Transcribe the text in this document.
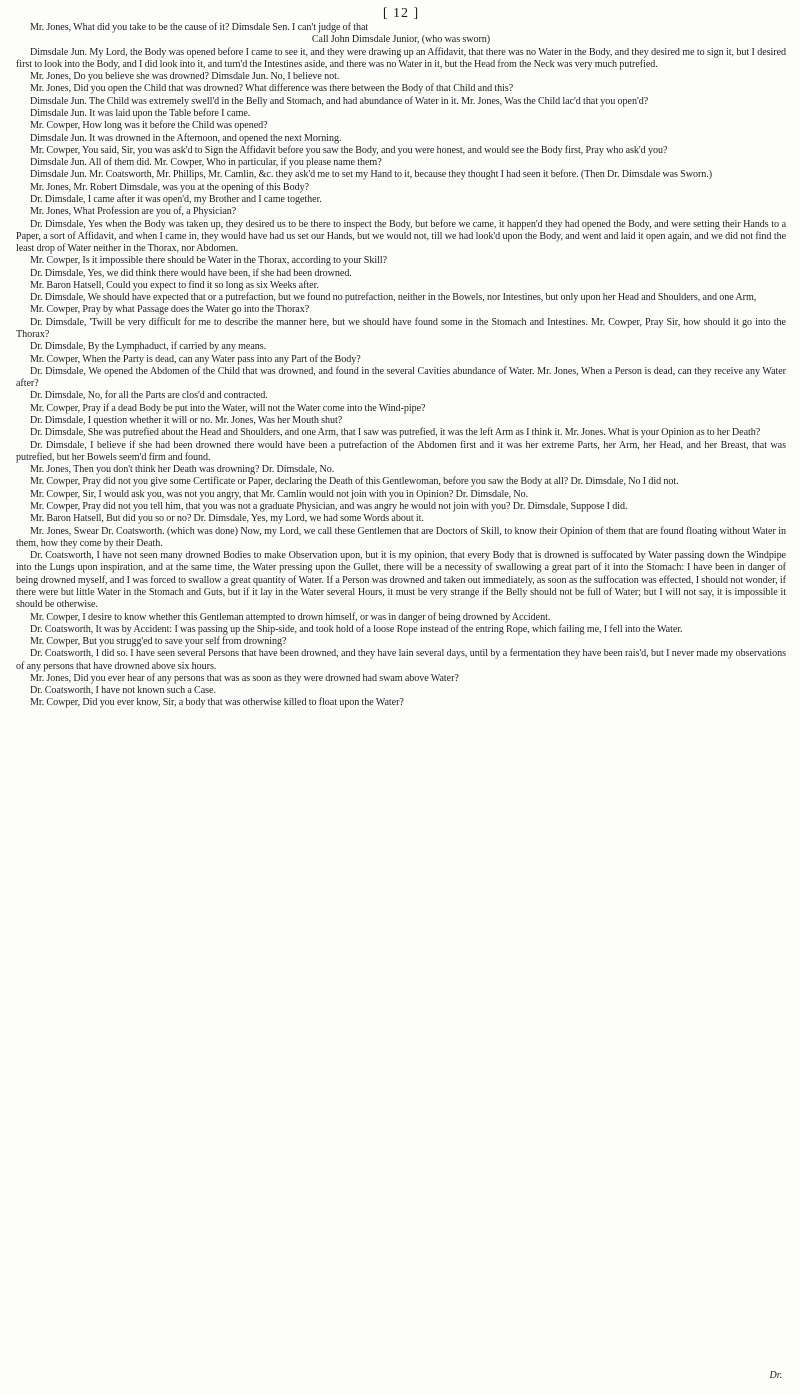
[ 12 ]

Mr. Jones, What did you take to be the cause of it? Dimsdale Sen. I can't judge of that

Call John Dimsdale Junior, (who was sworn)

Dimsdale Jun. My Lord, the Body was opened before I came to see it, and they were drawing up an Affidavit, that there was no Water in the Body, and they desired me to sign it, but I desired first to look into the Body, and I did look into it, and turn'd the Intestines aside, and there was no Water in it, but the Head from the Neck was very much putrefied.

Mr. Jones, Do you believe she was drowned? Dimsdale Jun. No, I believe not.

Mr. Jones, Did you open the Child that was drowned? What difference was there between the Body of that Child and this?

Dimsdale Jun. The Child was extremely swell'd in the Belly and Stomach, and had abundance of Water in it. Mr. Jones, Was the Child lac'd that you open'd?

Dimsdale Jun. It was laid upon the Table before I came.

Mr. Cowper, How long was it before the Child was opened?

Dimsdale Jun. It was drowned in the Afternoon, and opened the next Morning.

Mr. Cowper, You said, Sir, you was ask'd to Sign the Affidavit before you saw the Body, and you were honest, and would see the Body first, Pray who ask'd you?

Dimsdale Jun. All of them did. Mr. Cowper, Who in particular, if you please name them?

Dimsdale Jun. Mr. Coatsworth, Mr. Phillips, Mr. Camlin, &c. they ask'd me to set my Hand to it, because they thought I had seen it before. (Then Dr. Dimsdale was Sworn.)

Mr. Jones, Mr. Robert Dimsdale, was you at the opening of this Body?

Dr. Dimsdale, I came after it was open'd, my Brother and I came together.

Mr. Jones, What Profession are you of, a Physician?

Dr. Dimsdale, Yes when the Body was taken up, they desired us to be there to inspect the Body, but before we came, it happen'd they had opened the Body, and were setting their Hands to a Paper, a sort of Affidavit, and when I came in, they would have had us set our Hands, but we would not, till we had look'd upon the Body, and went and laid it open again, and we did not find the least drop of Water neither in the Thorax, nor Abdomen.

Mr. Cowper, Is it impossible there should be Water in the Thorax, according to your Skill?

Dr. Dimsdale, Yes, we did think there would have been, if she had been drowned.

Mr. Baron Hatsell, Could you expect to find it so long as six Weeks after.

Dr. Dimsdale, We should have expected that or a putrefaction, but we found no putrefaction, neither in the Bowels, nor Intestines, but only upon her Head and Shoulders, and one Arm,

Mr. Cowper, Pray by what Passage does the Water go into the Thorax?

Dr. Dimsdale, 'Twill be very difficult for me to describe the manner here, but we should have found some in the Stomach and Intestines. Mr. Cowper, Pray Sir, how should it go into the Thorax?

Dr. Dimsdale, By the Lymphaduct, if carried by any means.

Mr. Cowper, When the Party is dead, can any Water pass into any Part of the Body?

Dr. Dimsdale, We opened the Abdomen of the Child that was drowned, and found in the several Cavities abundance of Water. Mr. Jones, When a Person is dead, can they receive any Water after?

Dr. Dimsdale, No, for all the Parts are clos'd and contracted.

Mr. Cowper, Pray if a dead Body be put into the Water, will not the Water come into the Wind-pipe?

Dr. Dimsdale, I question whether it will or no. Mr. Jones, Was her Mouth shut?

Dr. Dimsdale, She was putrefied about the Head and Shoulders, and one Arm, that I saw was putrefied, it was the left Arm as I think it. Mr. Jones. What is your Opinion as to her Death?

Dr. Dimsdale, I believe if she had been drowned there would have been a putrefaction of the Abdomen first and it was her extreme Parts, her Arm, her Head, and her Breast, that was putrefied, but her Bowels seem'd firm and found.

Mr. Jones, Then you don't think her Death was drowning? Dr. Dimsdale, No.

Mr. Cowper, Pray did not you give some Certificate or Paper, declaring the Death of this Gentlewoman, before you saw the Body at all? Dr. Dimsdale, No I did not.

Mr. Cowper, Sir, I would ask you, was not you angry, that Mr. Camlin would not join with you in Opinion? Dr. Dimsdale, No.

Mr. Cowper, Pray did not you tell him, that you was not a graduate Physician, and was angry he would not join with you? Dr. Dimsdale, Suppose I did.

Mr. Baron Hatsell, But did you so or no? Dr. Dimsdale, Yes, my Lord, we had some Words about it.

Mr. Jones, Swear Dr. Coatsworth. (which was done) Now, my Lord, we call these Gentlemen that are Doctors of Skill, to know their Opinion of them that are found floating without Water in them, how they come by their Death.

Dr. Coatsworth, I have not seen many drowned Bodies to make Observation upon, but it is my opinion, that every Body that is drowned is suffocated by Water passing down the Windpipe into the Lungs upon inspiration, and at the same time, the Water pressing upon the Gullet, there will be a necessity of swallowing a great part of it into the Stomach: I have been in danger of being drowned myself, and I was forced to swallow a great quantity of Water. If a Person was drowned and taken out immediately, as soon as the suffocation was effected, I should not wonder, if there were but little Water in the Stomach and Guts, but if it lay in the Water several Hours, it must be very strange if the Belly should not be full of Water; but I will not say, it is impossible it should be otherwise.

Mr. Cowper, I desire to know whether this Gentleman attempted to drown himself, or was in danger of being drowned by Accident.

Dr. Coatsworth, It was by Accident: I was passing up the Ship-side, and took hold of a loose Rope instead of the entring Rope, which failing me, I fell into the Water.

Mr. Cowper, But you strugg'ed to save your self from drowning?

Dr. Coatsworth, I did so. I have seen several Persons that have been drowned, and they have lain several days, until by a fermentation they have been rais'd, but I never made my observations of any persons that have drowned above six hours.

Mr. Jones, Did you ever hear of any persons that was as soon as they were drowned had swam above Water?

Dr. Coatsworth, I have not known such a Case.

Mr. Cowper, Did you ever know, Sir, a body that was otherwise killed to float upon the Water?

Dr.
